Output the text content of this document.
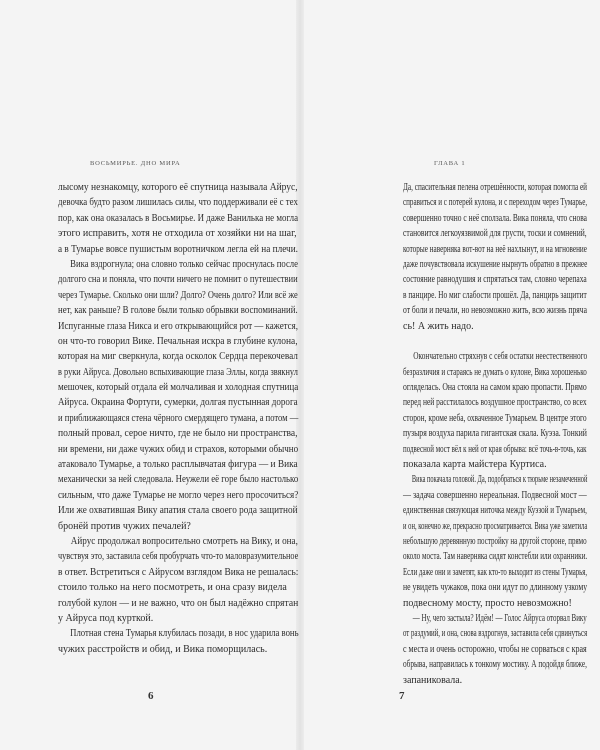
ВОСЬМИРЬЕ. ДНО МИРА
лысому незнакомцу, которого её спутница называла Айрус,
девочка будто разом лишилась силы, что поддерживали её с тех
пор, как она оказалась в Восьмирье. И даже Ванилька не могла
этого исправить, хотя не отходила от хозяйки ни на шаг,
а в Тумарье вовсе пушистым воротничком легла ей на плечи.
Вика вздрогнула; она словно только сейчас проснулась после
долгого сна и поняла, что почти ничего не помнит о путешествии
через Тумарье. Сколько они шли? Долго? Очень долго? Или всё же
нет, как раньше? В голове были только обрывки воспоминаний.
Испуганные глаза Никса и его открывающийся рот — кажется,
он что-то говорил Вике. Печальная искра в глубине кулона,
которая на миг сверкнула, когда осколок Сердца перекочевал
в руки Айруса. Довольно вспыхивающие глаза Эллы, когда звякнул
мешочек, который отдала ей молчаливая и холодная спутница
Айруса. Окраина Фортуги, сумерки, долгая пустынная дорога
и приближающаяся стена чёрного смердящего тумана, а потом —
полный провал, сероe ничто, где не было ни пространства,
ни времени, ни даже чужих обид и страхов, которыми обычно
атаковало Тумарье, а только расплывчатая фигура — и Вика
механически за ней следовала. Неужели её горе было настолько
сильным, что даже Тумарье не могло через него просочиться?
Или же охватившая Вику апатия стала своего рода защитной
бронёй против чужих печалей?
Айрус продолжал вопросительно смотреть на Вику, и она,
чувствуя это, заставила себя пробурчать что-то маловразумительное
в ответ. Встретиться с Айрусом взглядом Вика не решалась:
стоило только на него посмотреть, и она сразу видела
голубой кулон — и не важно, что он был надёжно спрятан
у Айруса под курткой.
Плотная стена Тумарья клубилась позади, в нос ударила вонь
чужих расстройств и обид, и Вика поморщилась.
6
ГЛАВА 1
Да, спасительная пелена отрешённости, которая помогла ей
справиться и с потерей кулона, и с переходом через Тумарье,
совершенно точно с неё сползала. Вика поняла, что снова
становится легкоуязвимой для грусти, тоски и сомнений,
которые наверняка вот-вот на неё нахлынут, и на мгновение
даже почувствовала искушение нырнуть обратно в прежнее
состояние равнодушия и спрятаться там, словно черепаха
в панцире. Но миг слабости прошёл. Да, панцирь защитит
от боли и печали, но невозможно жить, всю жизнь пряча
сь! А жить надо.
Окончательно стряхнув с себя остатки неестественного
безразличия и стараясь не думать о кулоне, Вика хорошенько
огляделась. Она стояла на самом краю пропасти. Прямо
перед ней расстилалось воздушное пространство, со всех
сторон, кроме неба, охваченное Тумарьем. В центре этого
пузыря воздуха парила гигантская скала. Куэза. Тонкий
подвесной мост вёл к ней от края обрыва: всё точь-в-точь, как
показала карта майстера Куртиса.
Вика покачала головой. Да, подобраться к тюрьме незамеченной
— задача совершенно нереальная. Подвесной мост —
единственная связующая ниточка между Куэзой и Тумарьем,
и он, конечно же, прекрасно просматривается. Вика уже заметила
небольшую деревянную постройку на другой стороне, прямо
около моста. Там наверняка сидят констебли или охранники.
Если даже они и заметят, как кто-то выходит из стены Тумарья,
не увидеть чужаков, пока они идут по длинному узкому
подвесному мосту, просто невозможно!
— Ну, чего застыла? Идём! — Голос Айруса оторвал Вику
от раздумий, и она, снова вздрогнув, заставила себя сдвинуться
с места и очень осторожно, чтобы не сорваться с края
обрыва, направилась к тонкому мостику. А подойдя ближе,
запаниковала.
7
